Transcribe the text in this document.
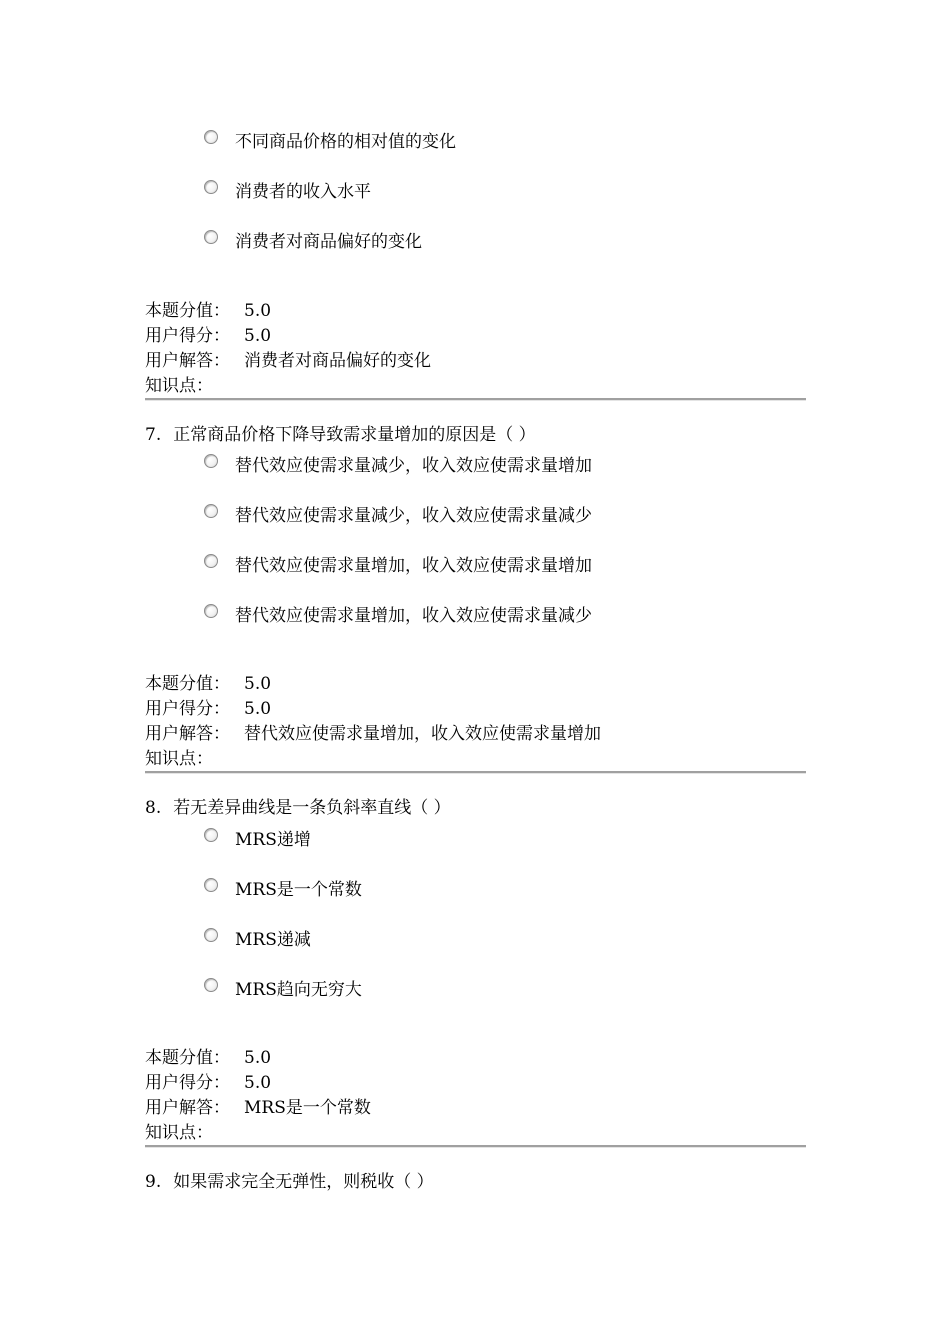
不同商品价格的相对值的变化
消费者的收入水平
消费者对商品偏好的变化
本题分值： 5.0
用户得分： 5.0
用户解答： 消费者对商品偏好的变化
知识点：
7. 正常商品价格下降导致需求量增加的原因是（ ）
替代效应使需求量减少，收入效应使需求量增加
替代效应使需求量减少，收入效应使需求量减少
替代效应使需求量增加，收入效应使需求量增加
替代效应使需求量增加，收入效应使需求量减少
本题分值： 5.0
用户得分： 5.0
用户解答： 替代效应使需求量增加，收入效应使需求量增加
知识点：
8. 若无差异曲线是一条负斜率直线（ ）
MRS递增
MRS是一个常数
MRS递减
MRS趋向无穷大
本题分值： 5.0
用户得分： 5.0
用户解答： MRS是一个常数
知识点：
9. 如果需求完全无弹性，则税收（ ）
